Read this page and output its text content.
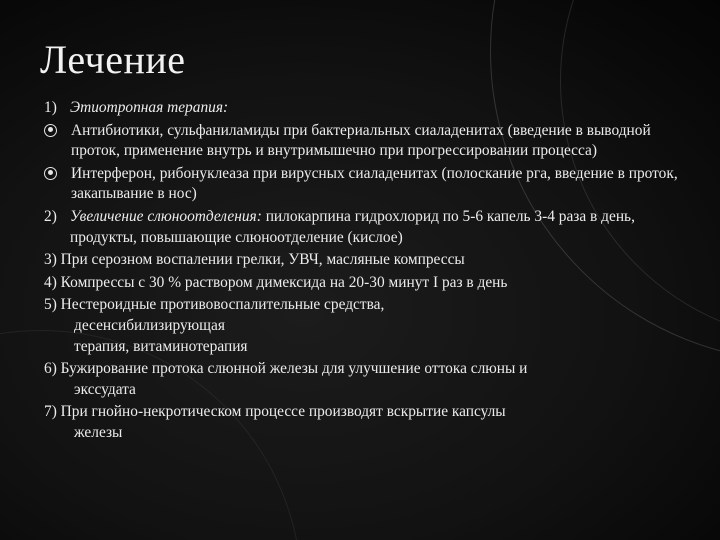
Лечение
1) Этиотропная терапия:
Антибиотики, сульфаниламиды при бактериальных сиаладенитах (введение в выводной проток, применение внутрь и внутримышечно при прогрессировании процесса)
Интерферон, рибонуклеаза при вирусных сиаладенитах (полоскание рга, введение в проток, закапывание в нос)
2) Увеличение слюноотделения: пилокарпина гидрохлорид по 5-6 капель 3-4 раза в день, продукты, повышающие слюноотделение (кислое)
3) При серозном воспалении грелки, УВЧ, масляные компрессы
4) Компрессы с 30 % раствором димексида на 20-30 минут I раз в день
5) Нестероидные противовоспалительные средства,
десенсибилизирующая
терапия, витаминотерапия
6) Бужирование протока слюнной железы для улучшение оттока слюны и
экссудата
7) При гнойно-некротическом процессе производят вскрытие капсулы
железы
